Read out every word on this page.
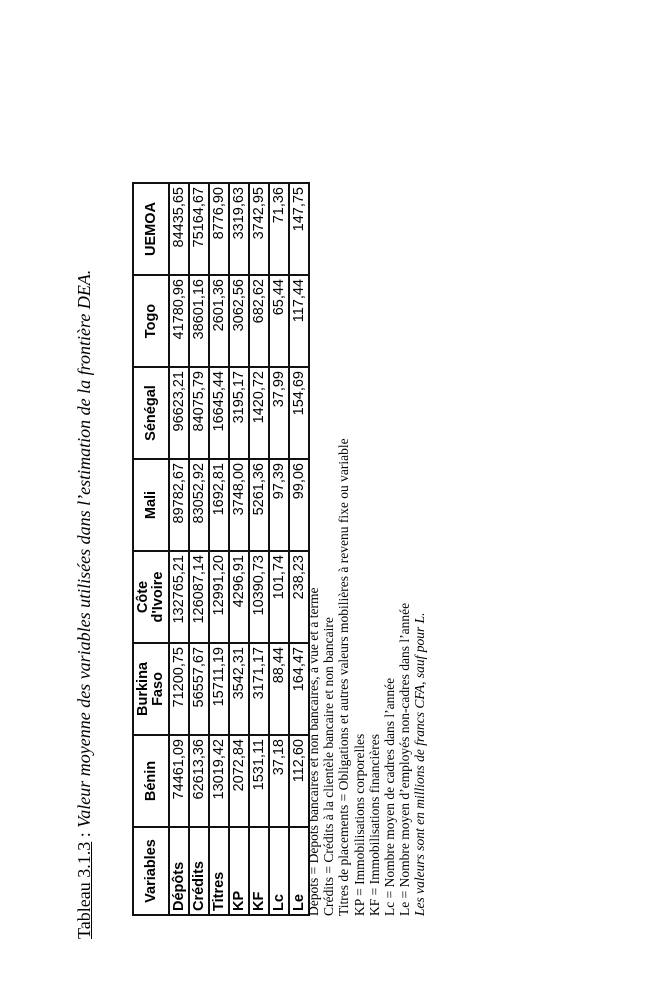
Tableau 3.1.3 : Valeur moyenne des variables utilisées dans l’estimation de la frontière DEA.
Variables	Bénin	Burkina Faso	Côte d'Ivoire	Mali	Sénégal	Togo	UEMOA
Dépôts	74461,09	71200,75	132765,21	89782,67	96623,21	41780,96	84435,65
Crédits	62613,36	56557,67	126087,14	83052,92	84075,79	38601,16	75164,67
Titres	13019,42	15711,19	12991,20	1692,81	16645,44	2601,36	8776,90
KP	2072,84	3542,31	4296,91	3748,00	3195,17	3062,56	3319,63
KF	1531,11	3171,17	10390,73	5261,36	1420,72	682,62	3742,95
Lc	37,18	88,44	101,74	97,39	37,99	65,44	71,36
Le	112,60	164,47	238,23	99,06	154,69	117,44	147,75
Dépôts = Dépôts bancaires et non bancaires, à vue et à terme Crédits = Crédits à la clientèle bancaire et non bancaire Titres de placements = Obligations et autres valeurs mobilières à revenu fixe ou variable KP = Immobilisations corporelles KF = Immobilisations financières Lc = Nombre moyen de cadres dans l’année Le = Nombre moyen d’employés non-cadres dans l’année Les valeurs sont en millions de francs CFA, sauf pour L.
